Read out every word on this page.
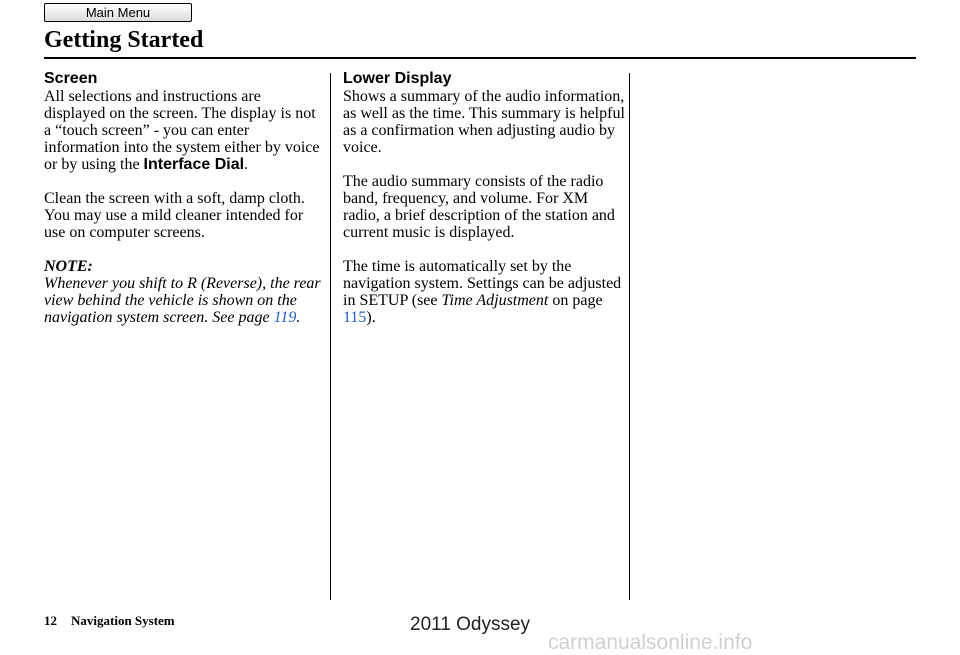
Main Menu
Getting Started
Screen

All selections and instructions are displayed on the screen. The display is not a “touch screen” - you can enter information into the system either by voice or by using the Interface Dial.

Clean the screen with a soft, damp cloth. You may use a mild cleaner intended for use on computer screens.

NOTE:
Whenever you shift to R (Reverse), the rear view behind the vehicle is shown on the navigation system screen. See page 119.
Lower Display

Shows a summary of the audio information, as well as the time. This summary is helpful as a confirmation when adjusting audio by voice.

The audio summary consists of the radio band, frequency, and volume. For XM radio, a brief description of the station and current music is displayed.

The time is automatically set by the navigation system. Settings can be adjusted in SETUP (see Time Adjustment on page 115).

12 Navigation System	2011 Odyssey
carmanualsonline.info
